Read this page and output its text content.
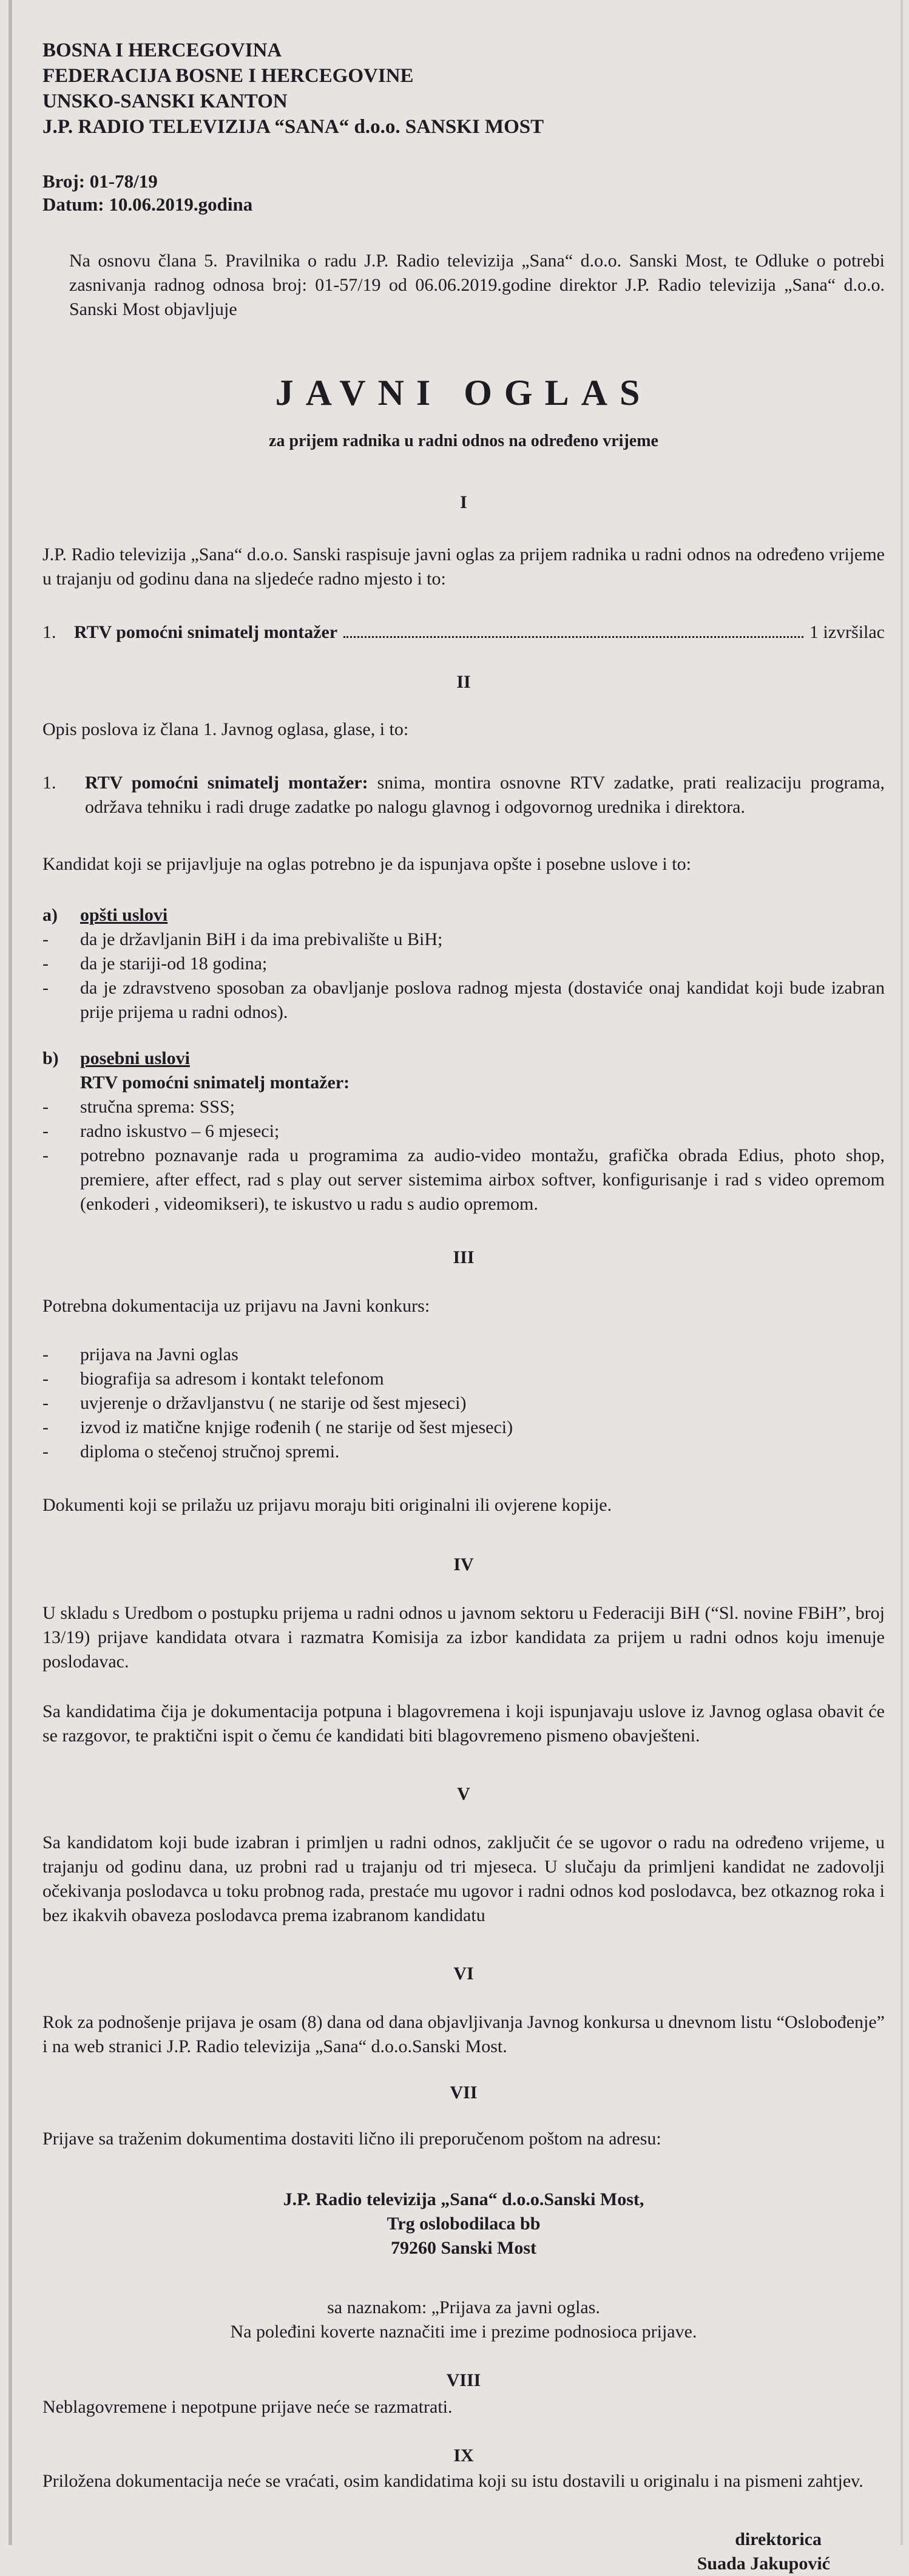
BOSNA I HERCEGOVINA
FEDERACIJA BOSNE I HERCEGOVINE
UNSKO-SANSKI KANTON
J.P. RADIO TELEVIZIJA “SANA“ d.o.o. SANSKI MOST
Broj: 01-78/19
Datum: 10.06.2019.godina
Na osnovu člana 5. Pravilnika o radu J.P. Radio televizija „Sana“ d.o.o. Sanski Most, te Odluke o potrebi zasnivanja radnog odnosa broj: 01-57/19 od 06.06.2019.godine direktor J.P. Radio televizija „Sana“ d.o.o. Sanski Most objavljuje
JAVNI OGLAS
za prijem radnika u radni odnos na određeno vrijeme
I
J.P. Radio televizija „Sana“ d.o.o. Sanski raspisuje javni oglas za prijem radnika u radni odnos na određeno vrijeme u trajanju od godinu dana na sljedeće radno mjesto i to:
1. RTV pomoćni snimatelj montažer	1 izvršilac
II
Opis poslova iz člana 1. Javnog oglasa, glase, i to:
1.	RTV pomoćni snimatelj montažer: snima, montira osnovne RTV zadatke, prati realizaciju programa, održava tehniku i radi druge zadatke po nalogu glavnog i odgovornog urednika i direktora.
Kandidat koji se prijavljuje na oglas potrebno je da ispunjava opšte i posebne uslove i to:
a)	opšti uslovi
- da je državljanin BiH i da ima prebivalište u BiH;
- da je stariji-od 18 godina;
- da je zdravstveno sposoban za obavljanje poslova radnog mjesta (dostaviće onaj kandidat koji bude izabran prije prijema u radni odnos).
b)	posebni uslovi
RTV pomoćni snimatelj montažer:
- stručna sprema: SSS;
- radno iskustvo – 6 mjeseci;
- potrebno poznavanje rada u programima za audio-video montažu, grafička obrada Edius, photo shop, premiere, after effect, rad s play out server sistemima airbox softver, konfigurisanje i rad s video opremom (enkoderi , videomikseri), te iskustvo u radu s audio opremom.
III
Potrebna dokumentacija uz prijavu na Javni konkurs:
- prijava na Javni oglas
- biografija sa adresom i kontakt telefonom
- uvjerenje o državljanstvu ( ne starije od šest mjeseci)
- izvod iz matične knjige rođenih ( ne starije od šest mjeseci)
- diploma o stečenoj stručnoj spremi.
Dokumenti koji se prilažu uz prijavu moraju biti originalni ili ovjerene kopije.
IV
U skladu s Uredbom o postupku prijema u radni odnos u javnom sektoru u Federaciji BiH (“Sl. novine FBiH”, broj 13/19) prijave kandidata otvara i razmatra Komisija za izbor kandidata za prijem u radni odnos koju imenuje poslodavac.
Sa kandidatima čija je dokumentacija potpuna i blagovremena i koji ispunjavaju uslove iz Javnog oglasa obavit će se razgovor, te praktični ispit o čemu će kandidati biti blagovremeno pismeno obavješteni.
V
Sa kandidatom koji bude izabran i primljen u radni odnos, zaključit će se ugovor o radu na određeno vrijeme, u trajanju od godinu dana, uz probni rad u trajanju od tri mjeseca. U slučaju da primljeni kandidat ne zadovolji očekivanja poslodavca u toku probnog rada, prestaće mu ugovor i radni odnos kod poslodavca, bez otkaznog roka i bez ikakvih obaveza poslodavca prema izabranom kandidatu
VI
Rok za podnošenje prijava je osam (8) dana od dana objavljivanja Javnog konkursa u dnevnom listu “Oslobođenje” i na web stranici J.P. Radio televizija „Sana“ d.o.o.Sanski Most.
VII
Prijave sa traženim dokumentima dostaviti lično ili preporučenom poštom na adresu:
J.P. Radio televizija „Sana“ d.o.o.Sanski Most,
Trg oslobodilaca bb
79260 Sanski Most
sa naznakom: „Prijava za javni oglas.
Na poleđini koverte naznačiti ime i prezime podnosioca prijave.
VIII
Neblagovremene i nepotpune prijave neće se razmatrati.
IX
Priložena dokumentacija neće se vraćati, osim kandidatima koji su istu dostavili u originalu i na pismeni zahtjev.
direktorica
Suada Jakupović
